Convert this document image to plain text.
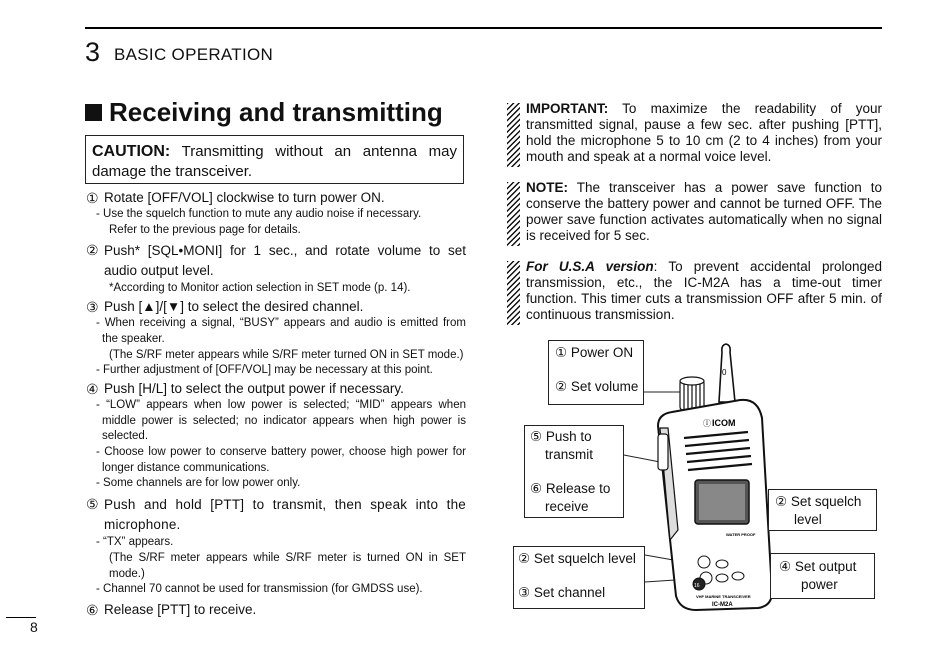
3 BASIC OPERATION
Receiving and transmitting
CAUTION: Transmitting without an antenna may damage the transceiver.
① Rotate [OFF/VOL] clockwise to turn power ON.
- Use the squelch function to mute any audio noise if necessary.
Refer to the previous page for details.
② Push* [SQL•MONI] for 1 sec., and rotate volume to set audio output level.
*According to Monitor action selection in SET mode (p. 14).
③ Push [▲]/[▼] to select the desired channel.
- When receiving a signal, “BUSY” appears and audio is emitted from the speaker.
(The S/RF meter appears while S/RF meter turned ON in SET mode.)
- Further adjustment of [OFF/VOL] may be necessary at this point.
④ Push [H/L] to select the output power if necessary.
- “LOW” appears when low power is selected; “MID” appears when middle power is selected; no indicator appears when high power is selected.
- Choose low power to conserve battery power, choose high power for longer distance communications.
- Some channels are for low power only.
⑤ Push and hold [PTT] to transmit, then speak into the microphone.
- “TX” appears.
(The S/RF meter appears while S/RF meter is turned ON in SET mode.)
- Channel 70 cannot be used for transmission (for GMDSS use).
⑥ Release [PTT] to receive.
IMPORTANT: To maximize the readability of your transmitted signal, pause a few sec. after pushing [PTT], hold the microphone 5 to 10 cm (2 to 4 inches) from your mouth and speak at a normal voice level.
NOTE: The transceiver has a power save function to conserve the battery power and cannot be turned OFF. The power save function activates automatically when no signal is received for 5 sec.
For U.S.A version: To prevent accidental prolonged transmission, etc., the IC-M2A has a time-out timer function. This timer cuts a transmission OFF after 5 min. of continuous transmission.
0
ICOM
Ⓘ
WATER PROOF
16
VHF MARINE TRANSCEIVER
IC-M2A
① Power ON
② Set volume
⑤ Push to
transmit
⑥ Release to
receive	② Set squelch
level
② Set squelch level
③ Set channel
④ Set output
power
8
